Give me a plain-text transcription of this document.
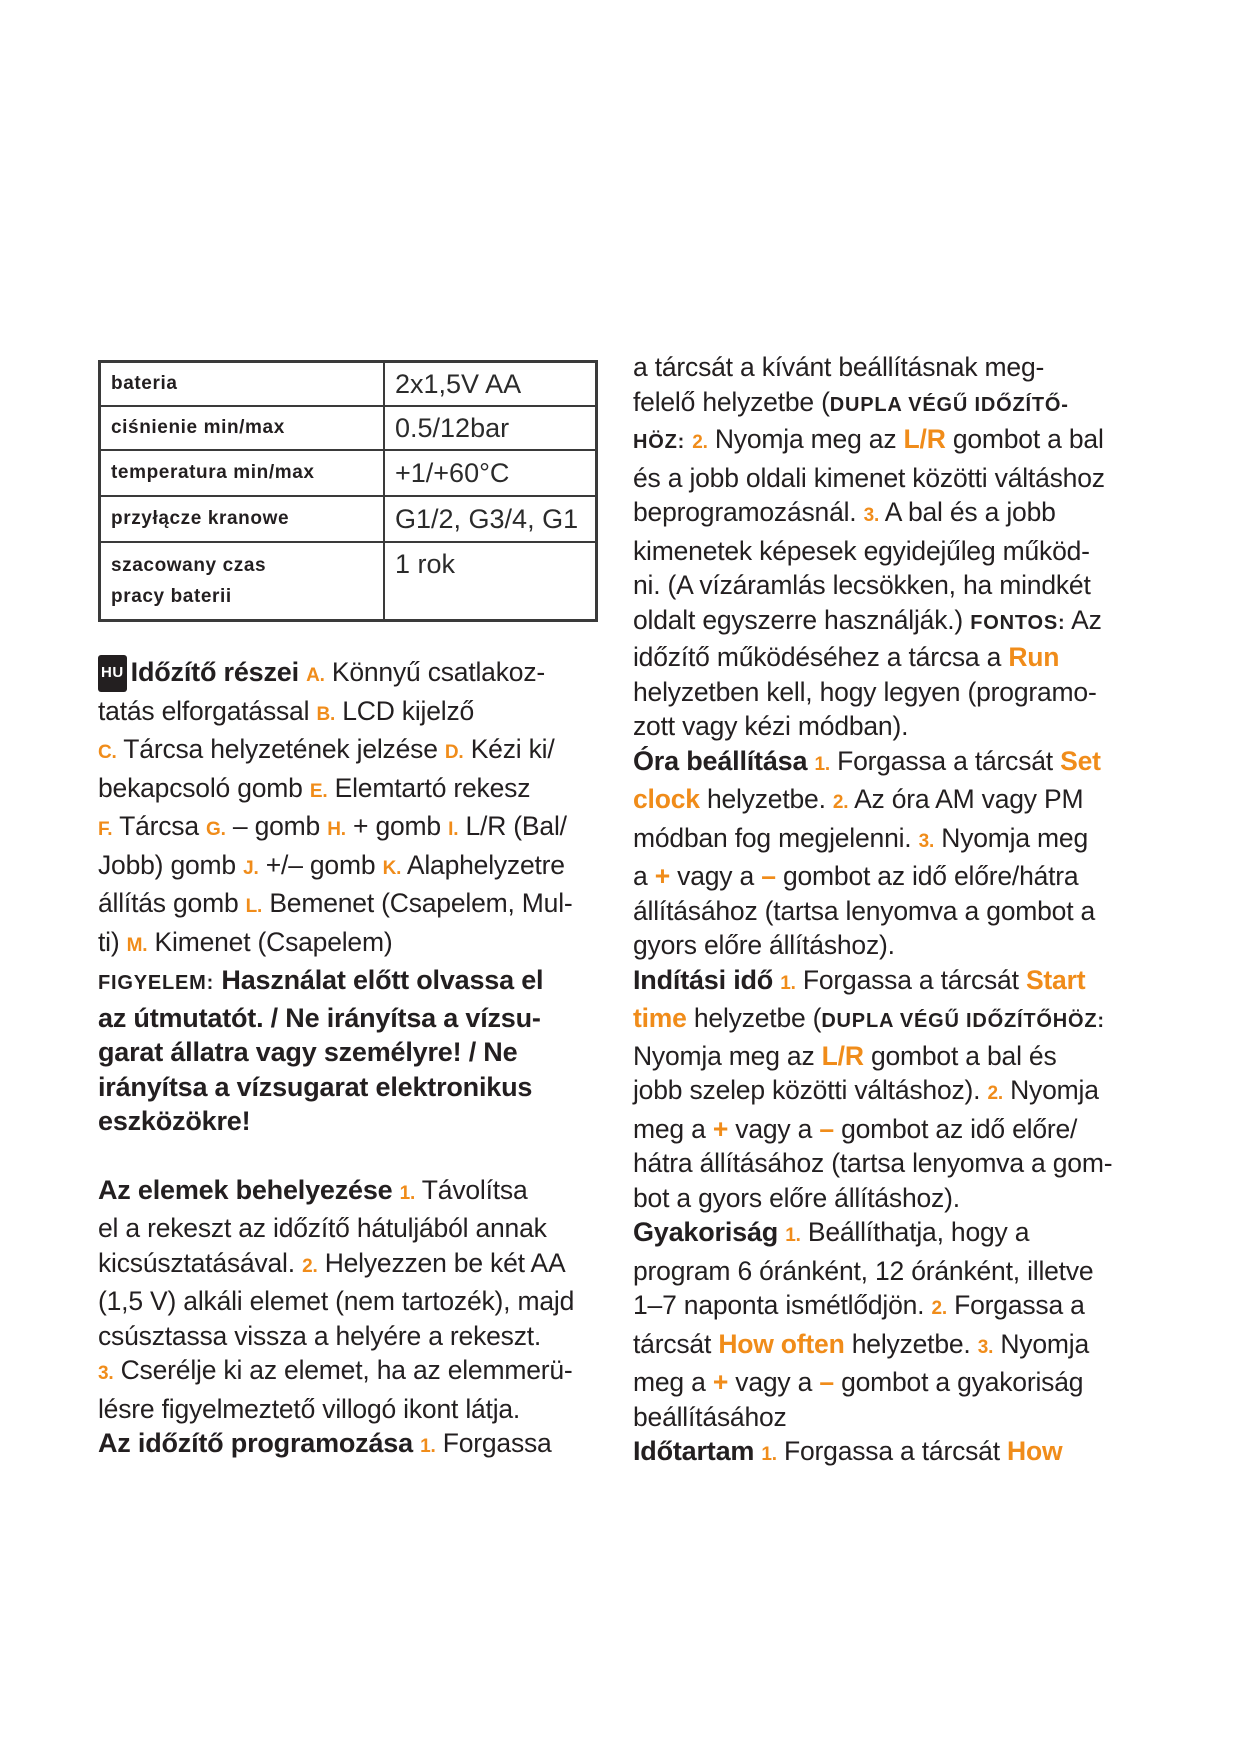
bateria	2x1,5V AA
ciśnienie min/max	0.5/12bar
temperatura min/max	+1/+60°C
przyłącze kranowe	G1/2, G3/4, G1
szacowany czas
pracy baterii	1 rok
HU Időzítő részei A. Könnyű csatlakoz-
tatás elforgatással B. LCD kijelző
C. Tárcsa helyzetének jelzése D. Kézi ki/
bekapcsoló gomb E. Elemtartó rekesz
F. Tárcsa G. – gomb H. + gomb I. L/R (Bal/
Jobb) gomb J. +/– gomb K. Alaphelyzetre
állítás gomb L. Bemenet (Csapelem, Mul-
ti) M. Kimenet (Csapelem)
FIGYELEM: Használat előtt olvassa el
az útmutatót. / Ne irányítsa a vízsu-
garat állatra vagy személyre! / Ne
irányítsa a vízsugarat elektronikus
eszközökre!
Az elemek behelyezése 1. Távolítsa
el a rekeszt az időzítő hátuljából annak
kicsúsztatásával. 2. Helyezzen be két AA
(1,5 V) alkáli elemet (nem tartozék), majd
csúsztassa vissza a helyére a rekeszt.
3. Cserélje ki az elemet, ha az elemmerü-
lésre figyelmeztető villogó ikont látja.
Az időzítő programozása 1. Forgassa
a tárcsát a kívánt beállításnak meg-
felelő helyzetbe (DUPLA VÉGŰ IDŐZÍTŐ-
HÖZ: 2. Nyomja meg az L/R gombot a bal
és a jobb oldali kimenet közötti váltáshoz
beprogramozásnál. 3. A bal és a jobb
kimenetek képesek egyidejűleg működ-
ni. (A vízáramlás lecsökken, ha mindkét
oldalt egyszerre használják.) FONTOS: Az
időzítő működéséhez a tárcsa a Run
helyzetben kell, hogy legyen (programo-
zott vagy kézi módban).
Óra beállítása 1. Forgassa a tárcsát Set
clock helyzetbe. 2. Az óra AM vagy PM
módban fog megjelenni. 3. Nyomja meg
a + vagy a – gombot az idő előre/hátra
állításához (tartsa lenyomva a gombot a
gyors előre állításhoz).
Indítási idő 1. Forgassa a tárcsát Start
time helyzetbe (DUPLA VÉGŰ IDŐZÍTŐHÖZ:
Nyomja meg az L/R gombot a bal és
jobb szelep közötti váltáshoz). 2. Nyomja
meg a + vagy a – gombot az idő előre/
hátra állításához (tartsa lenyomva a gom-
bot a gyors előre állításhoz).
Gyakoriság 1. Beállíthatja, hogy a
program 6 óránként, 12 óránként, illetve
1–7 naponta ismétlődjön. 2. Forgassa a
tárcsát How often helyzetbe. 3. Nyomja
meg a + vagy a – gombot a gyakoriság
beállításához
Időtartam 1. Forgassa a tárcsát How
